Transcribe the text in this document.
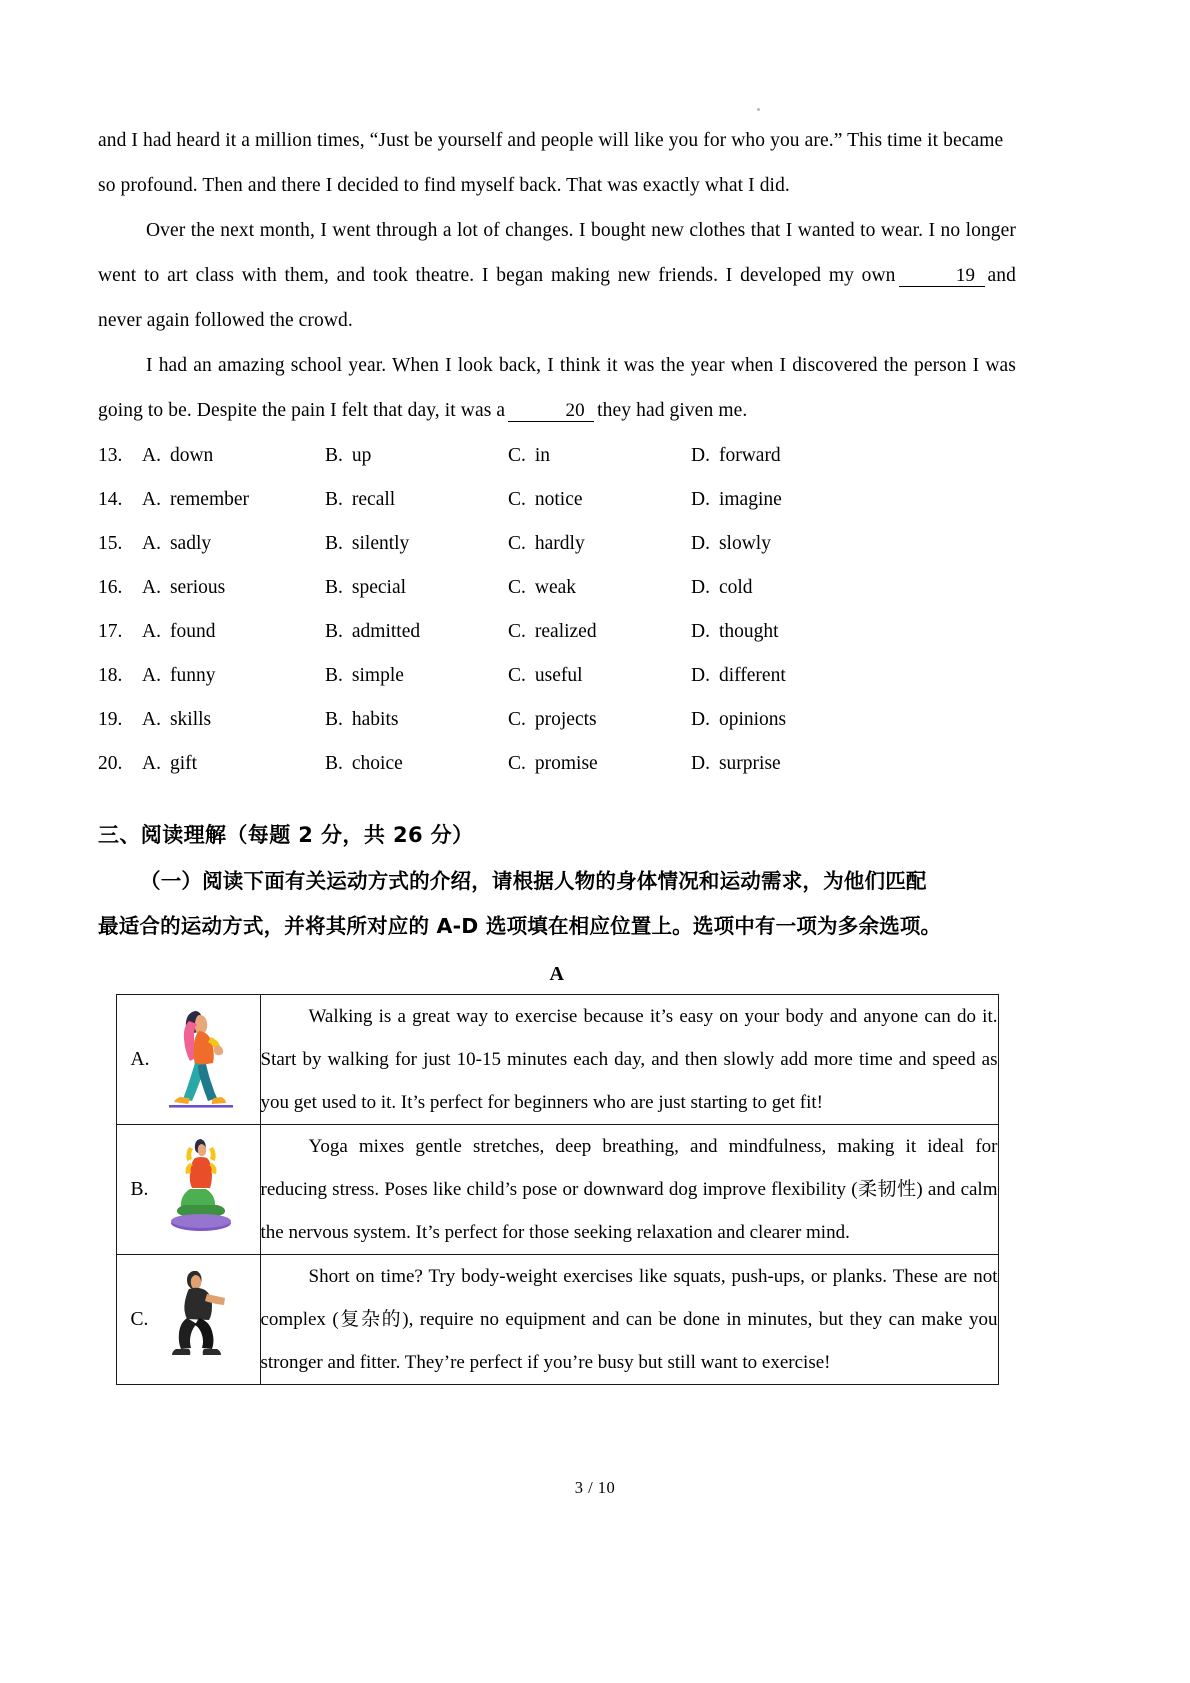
and I had heard it a million times, “Just be yourself and people will like you for who you are.” This time it became

so profound. Then and there I decided to find myself back. That was exactly what I did.

Over the next month, I went through a lot of changes. I bought new clothes that I wanted to wear. I no longer went to art class with them, and took theatre. I began making new friends. I developed my own	19 and never again followed the crowd.

I had an amazing school year. When I look back, I think it was the year when I discovered the person I was going to be. Despite the pain I felt that day, it was a	20 they had given me.

13.	A. down	B. up	C. in	D. forward
14.	A. remember	B. recall	C. notice	D. imagine
15.	A. sadly	B. silently	C. hardly	D. slowly
16.	A. serious	B. special	C. weak	D. cold
17.	A. found	B. admitted	C. realized	D. thought
18.	A. funny	B. simple	C. useful	D. different
19.	A. skills	B. habits	C. projects	D. opinions
20.	A. gift	B. choice	C. promise	D. surprise
三、阅读理解（每题 2 分，共 26 分）
（一）阅读下面有关运动方式的介绍，请根据人物的身体情况和运动需求，为他们匹配
最适合的运动方式，并将其所对应的 A-D 选项填在相应位置上。选项中有一项为多余选项。
A
A.	Walking is a great way to exercise because it’s easy on your body and anyone can do it. Start by walking for just 10-15 minutes each day, and then slowly add more time and speed as you get used to it. It’s perfect for beginners who are just starting to get fit!

B.	Yoga mixes gentle stretches, deep breathing, and mindfulness, making it ideal for reducing stress. Poses like child’s pose or downward dog improve flexibility (柔韧性) and calm the nervous system. It’s perfect for those seeking relaxation and clearer mind.

C.	Short on time? Try body-weight exercises like squats, push-ups, or planks. These are not complex (复杂的), require no equipment and can be done in minutes, but they can make you stronger and fitter. They’re perfect if you’re busy but still want to exercise!

3 / 10
